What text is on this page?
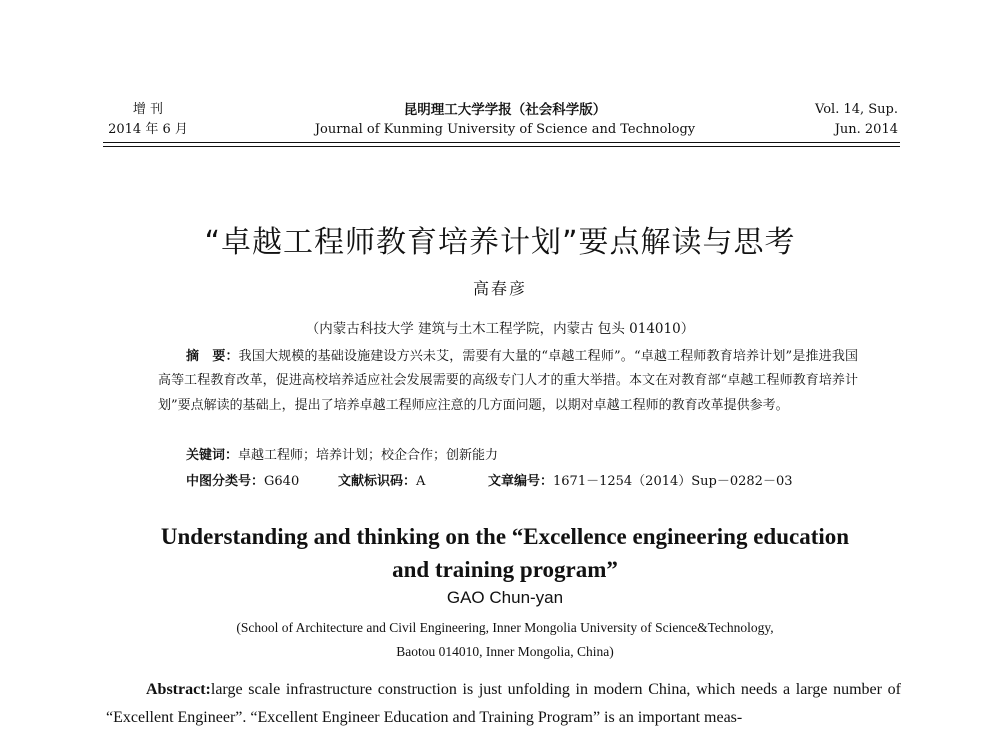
增 刊
2014 年 6 月
昆明理工大学学报（社会科学版）
Journal of Kunming University of Science and Technology
Vol. 14, Sup.
Jun. 2014
“卓越工程师教育培养计划”要点解读与思考
高春彦
（内蒙古科技大学 建筑与土木工程学院，内蒙古 包头 014010）
摘　要：我国大规模的基础设施建设方兴未艾，需要有大量的“卓越工程师”。“卓越工程师教育培养计划”是推进我国高等工程教育改革，促进高校培养适应社会发展需要的高级专门人才的重大举措。本文在对教育部“卓越工程师教育培养计划”要点解读的基础上，提出了培养卓越工程师应注意的几方面问题，以期对卓越工程师的教育改革提供参考。
关键词：卓越工程师；培养计划；校企合作；创新能力
中图分类号：G640	文献标识码：A	文章编号：1671－1254（2014）Sup－0282－03
Understanding and thinking on the “Excellence engineering education and training program”
GAO Chun-yan
(School of Architecture and Civil Engineering, Inner Mongolia University of Science&Technology,
Baotou 014010, Inner Mongolia, China)
Abstract:large scale infrastructure construction is just unfolding in modern China, which needs a large number of “Excellent Engineer”. “Excellent Engineer Education and Training Program” is an important meas-
